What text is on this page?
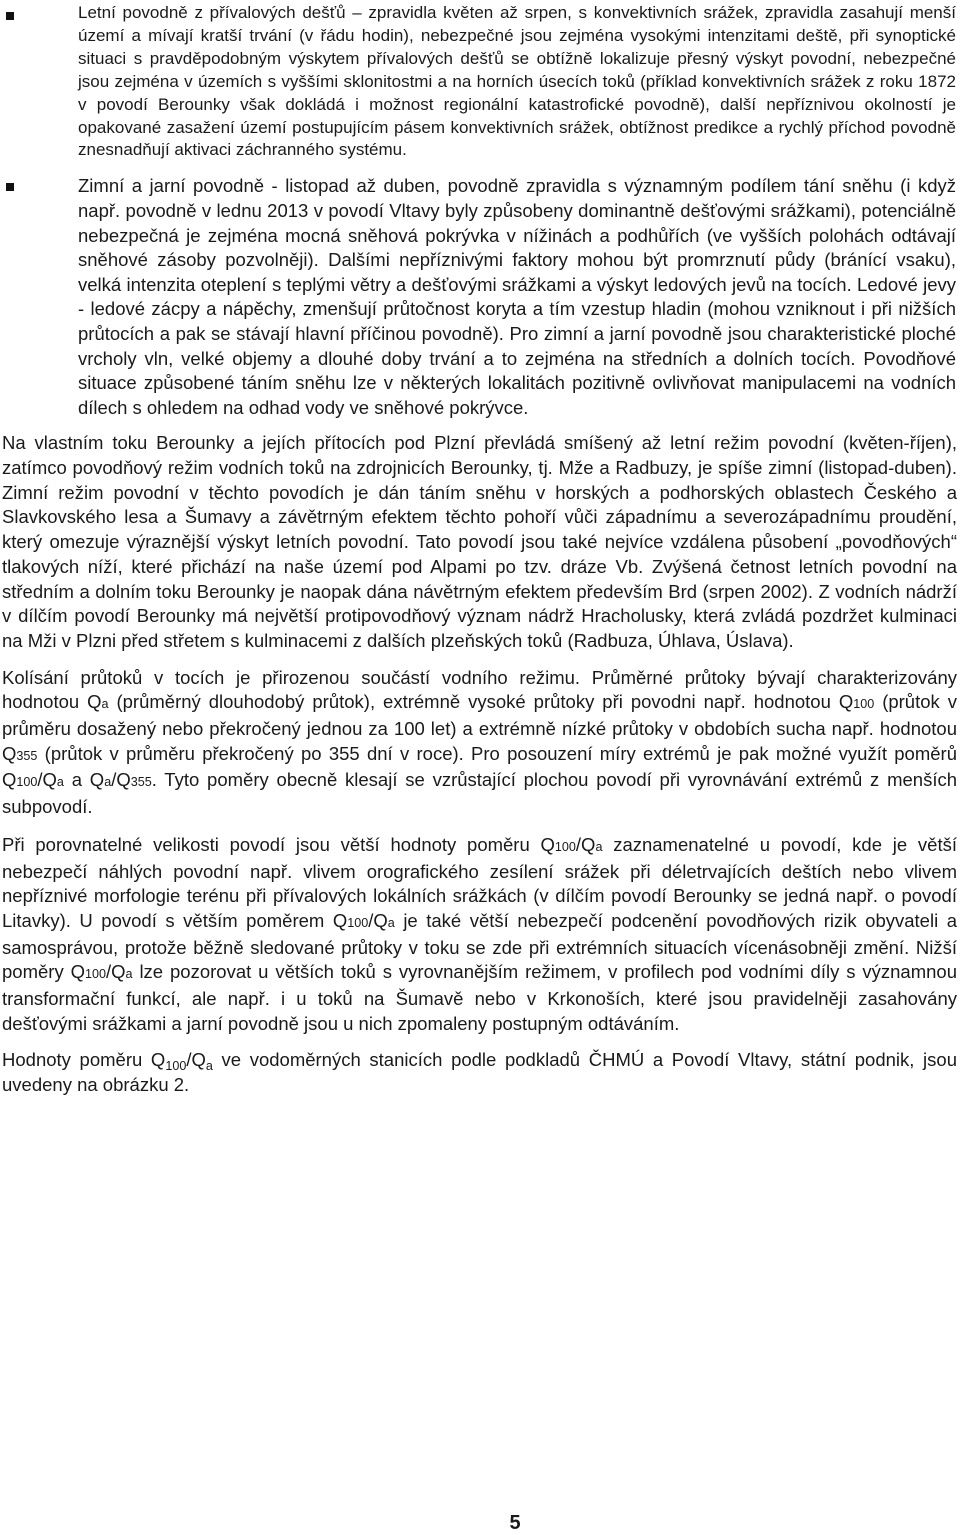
Letní povodně z přívalových dešťů – zpravidla květen až srpen, s konvektivních srážek, zpravidla zasahují menší území a mívají kratší trvání (v řádu hodin), nebezpečné jsou zejména vysokými intenzitami deště, při synoptické situaci s pravděpodobným výskytem přívalových dešťů se obtížně lokalizuje přesný výskyt povodní, nebezpečné jsou zejména v územích s vyššími sklonitostmi a na horních úsecích toků (příklad konvektivních srážek z roku 1872 v povodí Berounky však dokládá i možnost regionální katastrofické povodně), další nepříznivou okolností je opakované zasažení území postupujícím pásem konvektivních srážek, obtížnost predikce a rychlý příchod povodně znesnadňují aktivaci záchranného systému.
Zimní a jarní povodně - listopad až duben, povodně zpravidla s významným podílem tání sněhu (i když např. povodně v lednu 2013 v povodí Vltavy byly způsobeny dominantně dešťovými srážkami), potenciálně nebezpečná je zejména mocná sněhová pokrývka v nížinách a podhůřích (ve vyšších polohách odtávají sněhové zásoby pozvolněji). Dalšími nepříznivými faktory mohou být promrznutí půdy (bránící vsaku), velká intenzita oteplení s teplými větry a dešťovými srážkami a výskyt ledových jevů na tocích. Ledové jevy - ledové zácpy a nápěchy, zmenšují průtočnost koryta a tím vzestup hladin (mohou vzniknout i při nižších průtocích a pak se stávají hlavní příčinou povodně). Pro zimní a jarní povodně jsou charakteristické ploché vrcholy vln, velké objemy a dlouhé doby trvání a to zejména na středních a dolních tocích. Povodňové situace způsobené táním sněhu lze v některých lokalitách pozitivně ovlivňovat manipulacemi na vodních dílech s ohledem na odhad vody ve sněhové pokrývce.

Na vlastním toku Berounky a jejích přítocích pod Plzní převládá smíšený až letní režim povodní (květen-říjen), zatímco povodňový režim vodních toků na zdrojnicích Berounky, tj. Mže a Radbuzy, je spíše zimní (listopad-duben). Zimní režim povodní v těchto povodích je dán táním sněhu v horských a podhorských oblastech Českého a Slavkovského lesa a Šumavy a závětrným efektem těchto pohoří vůči západnímu a severozápadnímu proudění, který omezuje výraznější výskyt letních povodní. Tato povodí jsou také nejvíce vzdálena působení „povodňových“ tlakových níží, které přichází na naše území pod Alpami po tzv. dráze Vb. Zvýšená četnost letních povodní na středním a dolním toku Berounky je naopak dána návětrným efektem především Brd (srpen 2002). Z vodních nádrží v dílčím povodí Berounky má největší protipovodňový význam nádrž Hracholusky, která zvládá pozdržet kulminaci na Mži v Plzni před střetem s kulminacemi z dalších plzeňských toků (Radbuza, Úhlava, Úslava).

Kolísání průtoků v tocích je přirozenou součástí vodního režimu. Průměrné průtoky bývají charakterizovány hodnotou Qa (průměrný dlouhodobý průtok), extrémně vysoké průtoky při povodni např. hodnotou Q100 (průtok v průměru dosažený nebo překročený jednou za 100 let) a extrémně nízké průtoky v obdobích sucha např. hodnotou Q355 (průtok v průměru překročený po 355 dní v roce). Pro posouzení míry extrémů je pak možné využít poměrů Q100/Qa a Qa/Q355. Tyto poměry obecně klesají se vzrůstající plochou povodí při vyrovnávání extrémů z menších subpovodí.

Při porovnatelné velikosti povodí jsou větší hodnoty poměru Q100/Qa zaznamenatelné u povodí, kde je větší nebezpečí náhlých povodní např. vlivem orografického zesílení srážek při déletrvajících deštích nebo vlivem nepříznivé morfologie terénu při přívalových lokálních srážkách (v dílčím povodí Berounky se jedná např. o povodí Litavky). U povodí s větším poměrem Q100/Qa je také větší nebezpečí podcenění povodňových rizik obyvateli a samosprávou, protože běžně sledované průtoky v toku se zde při extrémních situacích vícenásobněji změní. Nižší poměry Q100/Qa lze pozorovat u větších toků s vyrovnanějším režimem, v profilech pod vodními díly s významnou transformační funkcí, ale např. i u toků na Šumavě nebo v Krkonoších, které jsou pravidelněji zasahovány dešťovými srážkami a jarní povodně jsou u nich zpomaleny postupným odtáváním.

Hodnoty poměru $Q_{100}/Q_a$ ve vodoměrných stanicích podle podkladů ČHMÚ a Povodí Vltavy, státní podnik, jsou uvedeny na obrázku 2.

5
